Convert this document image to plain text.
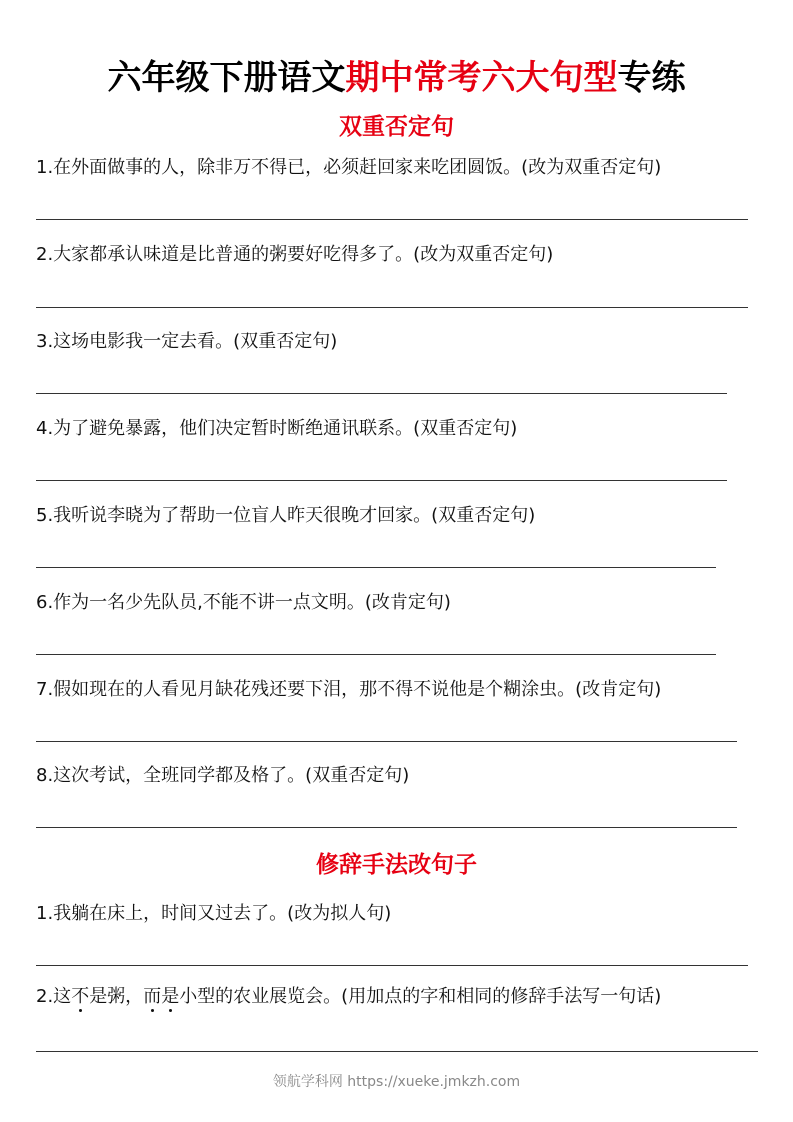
六年级下册语文期中常考六大句型专练
双重否定句
1.在外面做事的人，除非万不得已，必须赶回家来吃团圆饭。(改为双重否定句)
2.大家都承认味道是比普通的粥要好吃得多了。(改为双重否定句)
3.这场电影我一定去看。(双重否定句)
4.为了避免暴露，他们决定暂时断绝通讯联系。(双重否定句)
5.我听说李晓为了帮助一位盲人昨天很晚才回家。(双重否定句)
6.作为一名少先队员,不能不讲一点文明。(改肯定句)
7.假如现在的人看见月缺花残还要下泪，那不得不说他是个糊涂虫。(改肯定句)
8.这次考试，全班同学都及格了。(双重否定句)
修辞手法改句子
1.我躺在床上，时间又过去了。(改为拟人句)
2.这不是粥，而是小型的农业展览会。(用加点的字和相同的修辞手法写一句话)
领航学科网 https://xueke.jmkzh.com
